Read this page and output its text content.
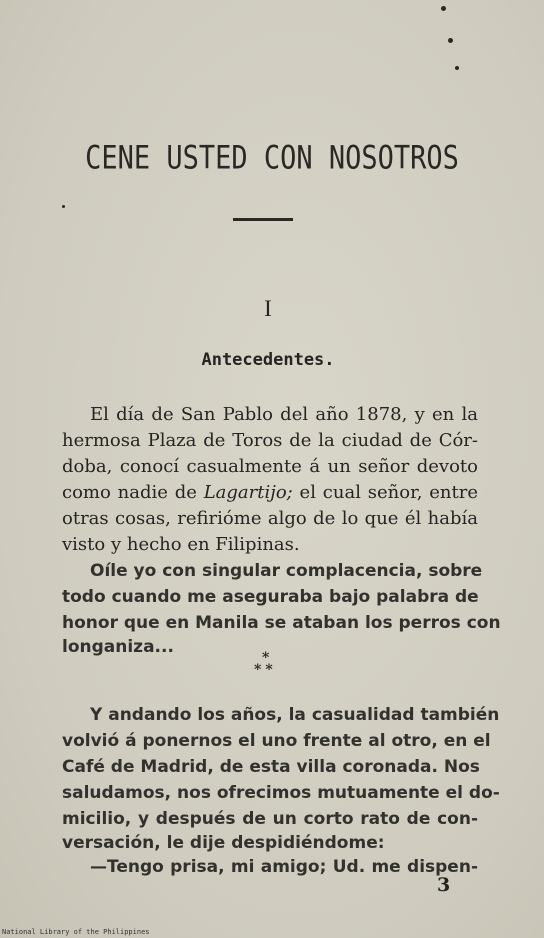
CENE USTED CON NOSOTROS
I
Antecedentes.
El día de San Pablo del año 1878, y en la
hermosa Plaza de Toros de la ciudad de Cór-
doba, conocí casualmente á un señor devoto
como nadie de Lagartijo; el cual señor, entre
otras cosas, refirióme algo de lo que él había
visto y hecho en Filipinas.
Oíle yo con singular complacencia, sobre
todo cuando me aseguraba bajo palabra de
honor que en Manila se ataban los perros con
longaniza...
*
**
Y andando los años, la casualidad también
volvió á ponernos el uno frente al otro, en el
Café de Madrid, de esta villa coronada. Nos
saludamos, nos ofrecimos mutuamente el do-
micilio, y después de un corto rato de con-
versación, le dije despidiéndome:
—Tengo prisa, mi amigo; Ud. me dispen-
3
National Library of the Philippines
